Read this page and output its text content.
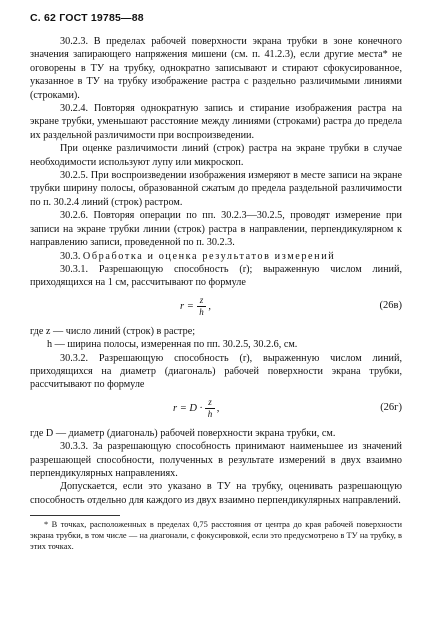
С. 62 ГОСТ 19785—88

30.2.3. В пределах рабочей поверхности экрана трубки в зоне конечного значения запирающего напряжения мишени (см. п. 41.2.3), если другие места* не оговорены в ТУ на трубку, однократно записывают и стирают сфокусированное, указанное в ТУ на трубку изображение растра с раздельно различимыми линиями (строками).

30.2.4. Повторяя однократную запись и стирание изображения растра на экране трубки, уменьшают расстояние между линиями (строками) растра до предела их раздельной различимости при воспроизведении.

При оценке различимости линий (строк) растра на экране трубки в случае необходимости используют лупу или микроскоп.

30.2.5. При воспроизведении изображения измеряют в месте записи на экране трубки ширину полосы, образованной сжатым до предела раздельной различимости по п. 30.2.4 линий (строк) растром.

30.2.6. Повторяя операции по пп. 30.2.3—30.2.5, проводят измерение при записи на экране трубки линии (строк) растра в направлении, перпендикулярном к направлению записи, проведенной по п. 30.2.3.

30.3. Обработка и оценка результатов измерений

30.3.1. Разрешающую способность (r); выраженную числом линий, приходящихся на 1 см, рассчитывают по формуле

$r = \frac{z}{h}$ ,	(26в)

где z — число линий (строк) в растре;

h — ширина полосы, измеренная по пп. 30.2.5, 30.2.6, см.

30.3.2. Разрешающую способность (r), выраженную числом линий, приходящихся на диаметр (диагональ) рабочей поверхности экрана трубки, рассчитывают по формуле

$r = D \cdot \frac{z}{h}$ ,	(26г)

где D — диаметр (диагональ) рабочей поверхности экрана трубки, см.

30.3.3. За разрешающую способность принимают наименьшее из значений разрешающей способности, полученных в результате измерений в двух взаимно перпендикулярных направлениях.

Допускается, если это указано в ТУ на трубку, оценивать разрешающую способность отдельно для каждого из двух взаимно перпендикулярных направлений.

* В точках, расположенных в пределах 0,75 расстояния от центра до края рабочей поверхности экрана трубки, в том числе — на диагонали, с фокусировкой, если это предусмотрено в ТУ на трубку, в этих точках.
